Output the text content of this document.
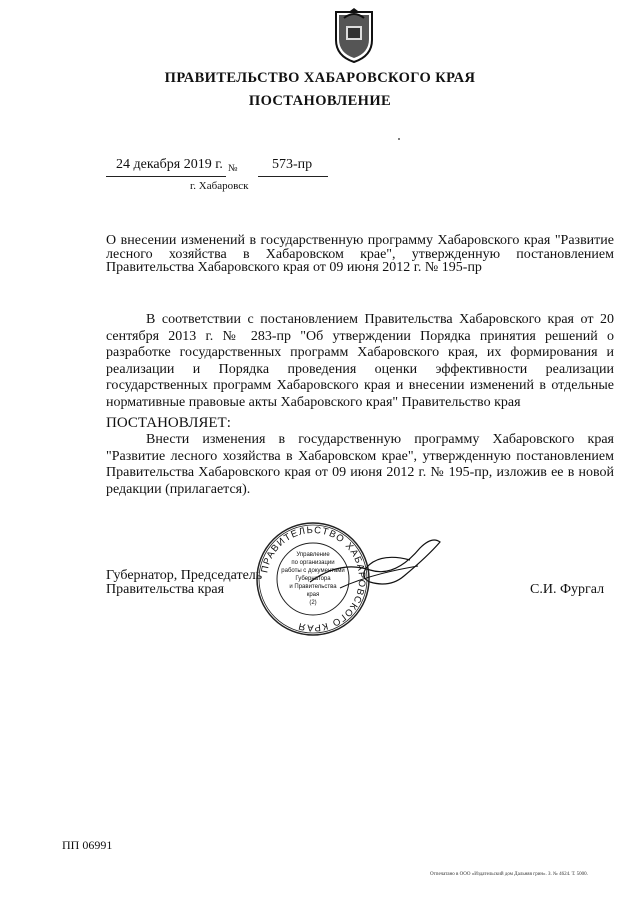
ПРАВИТЕЛЬСТВО ХАБАРОВСКОГО КРАЯ
ПОСТАНОВЛЕНИЕ
24 декабря 2019 г. № 573-пр
г. Хабаровск
О внесении изменений в государственную программу Хабаровского края "Развитие лесного хозяйства в Хабаровском крае", утвержденную постановлением Правительства Хабаровского края от 09 июня 2012 г. № 195-пр
В соответствии с постановлением Правительства Хабаровского края от 20 сентября 2013 г. № 283-пр "Об утверждении Порядка принятия решений о разработке государственных программ Хабаровского края, их формирования и реализации и Порядка проведения оценки эффективности реализации государственных программ Хабаровского края и внесении изменений в отдельные нормативные правовые акты Хабаровского края" Правительство края
ПОСТАНОВЛЯЕТ:
Внести изменения в государственную программу Хабаровского края "Развитие лесного хозяйства в Хабаровском крае", утвержденную постановлением Правительства Хабаровского края от 09 июня 2012 г. № 195-пр, изложив ее в новой редакции (прилагается).
Губернатор, Председатель
Правительства края	С.И. Фургал
ПРАВИТЕЛЬСТВО ХАБАРОВСКОГО КРАЯ
Управление
по организации
работы с документами
Губернатора
и Правительства
края
(2)
ПП 06991
Отпечатано в ООО «Издательский дом Дальняя грин». З. № 4624. Т. 5000.
